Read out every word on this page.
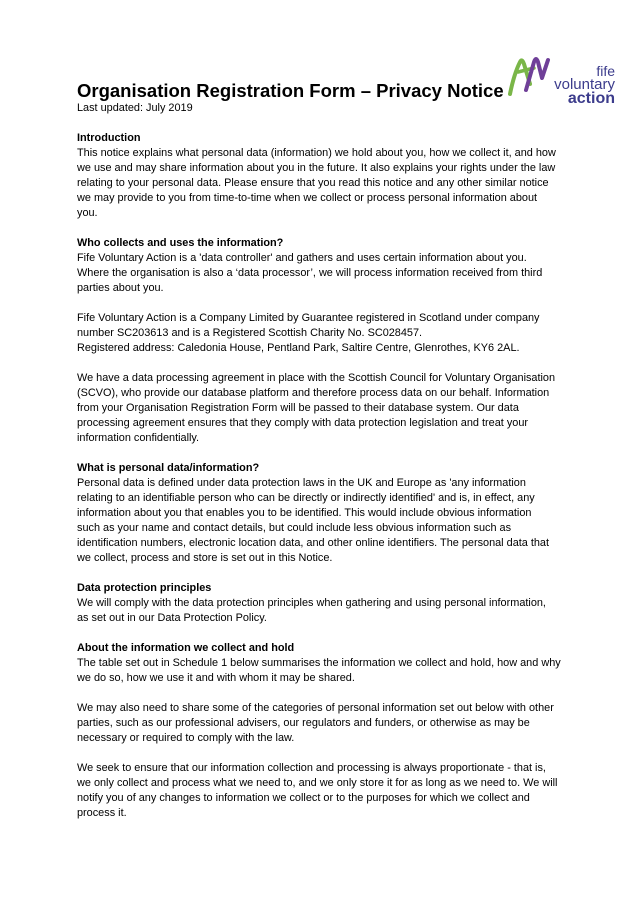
fife
voluntary
action
Organisation Registration Form – Privacy Notice
Last updated: July 2019
Introduction
This notice explains what personal data (information) we hold about you, how we collect it, and how
we use and may share information about you in the future. It also explains your rights under the law
relating to your personal data. Please ensure that you read this notice and any other similar notice
we may provide to you from time-to-time when we collect or process personal information about
you.
Who collects and uses the information?

Fife Voluntary Action is a 'data controller' and gathers and uses certain information about you.
Where the organisation is also a ‘data processor’, we will process information received from third
parties about you.

Fife Voluntary Action is a Company Limited by Guarantee registered in Scotland under company
number SC203613 and is a Registered Scottish Charity No. SC028457.
Registered address: Caledonia House, Pentland Park, Saltire Centre, Glenrothes, KY6 2AL.

We have a data processing agreement in place with the Scottish Council for Voluntary Organisation
(SCVO), who provide our database platform and therefore process data on our behalf. Information
from your Organisation Registration Form will be passed to their database system. Our data
processing agreement ensures that they comply with data protection legislation and treat your
information confidentially.
What is personal data/information?
Personal data is defined under data protection laws in the UK and Europe as 'any information
relating to an identifiable person who can be directly or indirectly identified' and is, in effect, any
information about you that enables you to be identified. This would include obvious information
such as your name and contact details, but could include less obvious information such as
identification numbers, electronic location data, and other online identifiers. The personal data that
we collect, process and store is set out in this Notice.
Data protection principles
We will comply with the data protection principles when gathering and using personal information,
as set out in our Data Protection Policy.
About the information we collect and hold

The table set out in Schedule 1 below summarises the information we collect and hold, how and why
we do so, how we use it and with whom it may be shared.

We may also need to share some of the categories of personal information set out below with other
parties, such as our professional advisers, our regulators and funders, or otherwise as may be
necessary or required to comply with the law.

We seek to ensure that our information collection and processing is always proportionate - that is,
we only collect and process what we need to, and we only store it for as long as we need to. We will
notify you of any changes to information we collect or to the purposes for which we collect and
process it.
